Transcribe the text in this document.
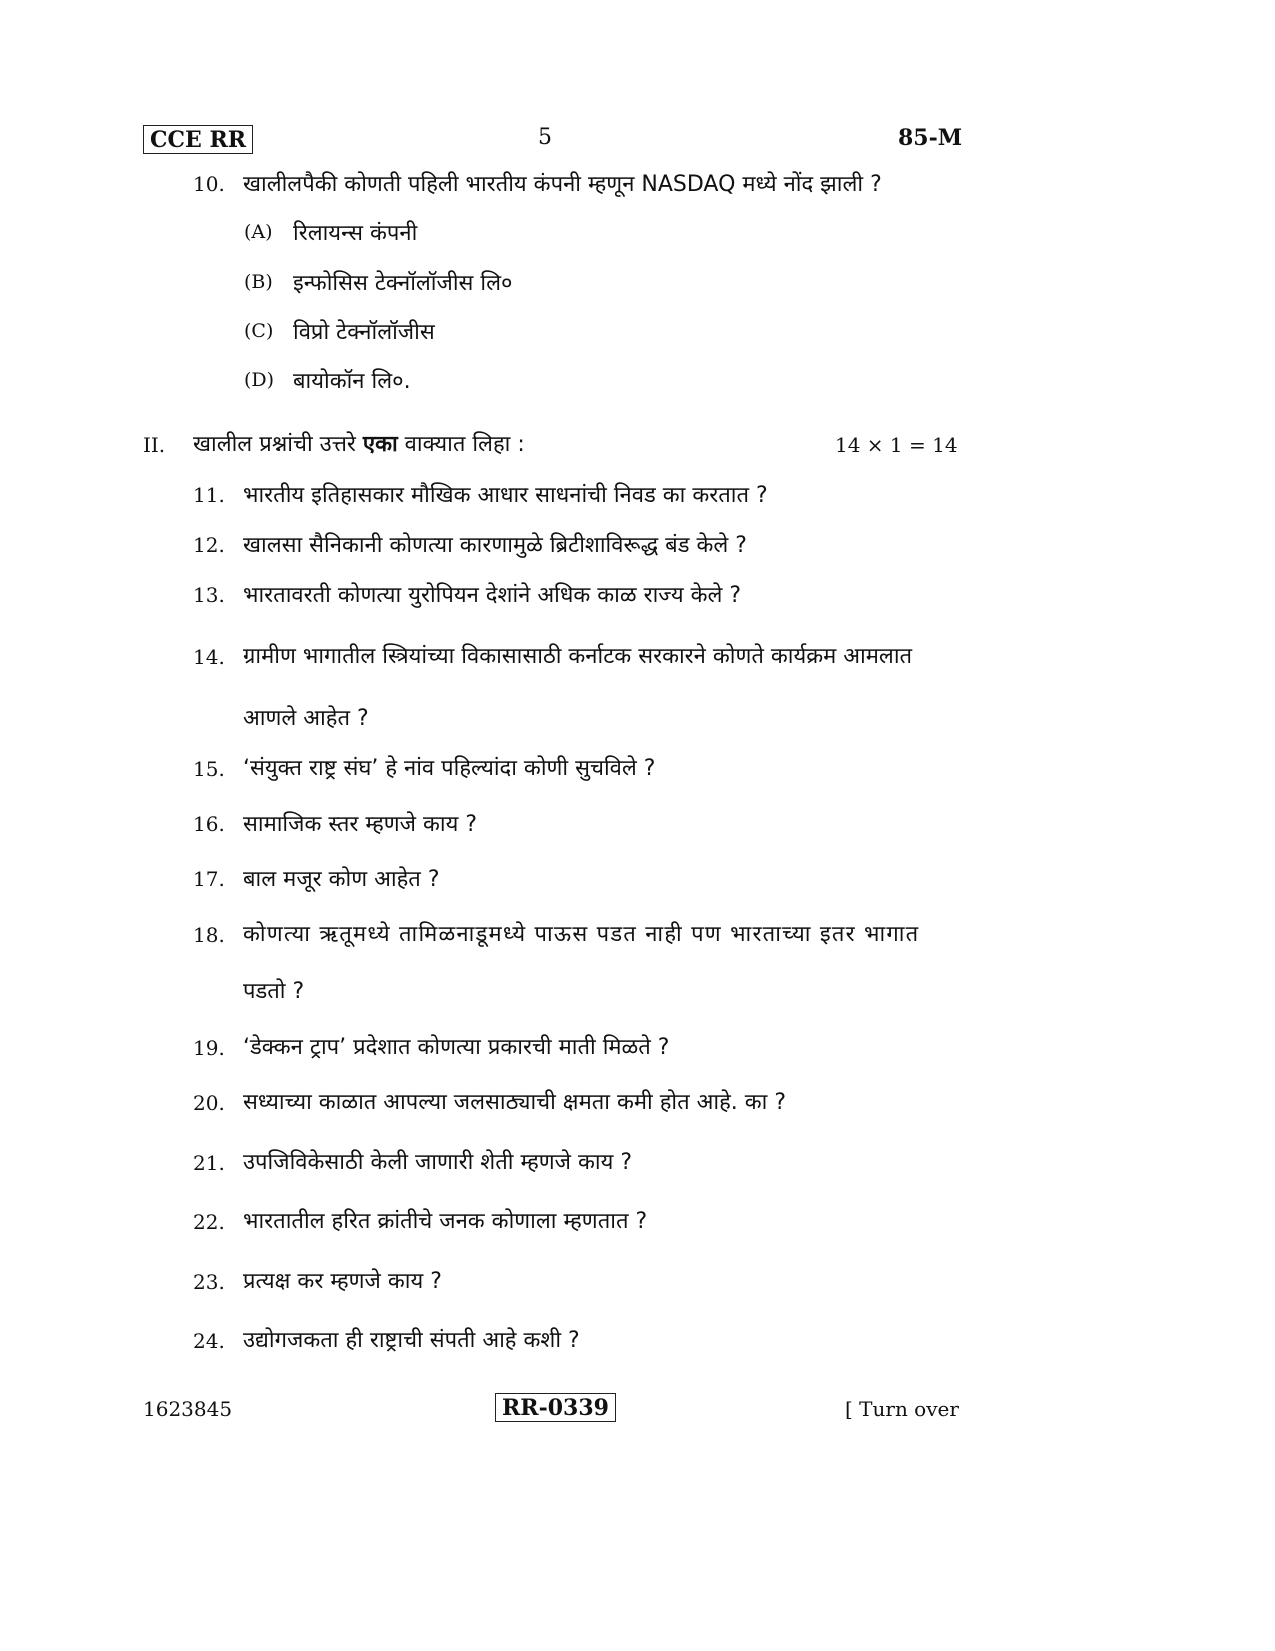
CCE RR	5	85-M
10. खालीलपैकी कोणती पहिली भारतीय कंपनी म्हणून NASDAQ मध्ये नोंद झाली ?
(A) रिलायन्स कंपनी
(B) इन्फोसिस टेक्नॉलॉजीस लि०
(C) विप्रो टेक्नॉलॉजीस
(D) बायोकॉन लि०.
II. खालील प्रश्नांची उत्तरे एका वाक्यात लिहा :	14 × 1 = 14
11. भारतीय इतिहासकार मौखिक आधार साधनांची निवड का करतात ?
12. खालसा सैनिकानी कोणत्या कारणामुळे ब्रिटीशाविरूद्ध बंड केले ?
13. भारतावरती कोणत्या युरोपियन देशांने अधिक काळ राज्य केले ?
14. ग्रामीण भागातील स्त्रियांच्या विकासासाठी कर्नाटक सरकारने कोणते कार्यक्रम आमलात
आणले आहेत ?
15. ‘संयुक्त राष्ट्र संघ’ हे नांव पहिल्यांदा कोणी सुचविले ?
16. सामाजिक स्तर म्हणजे काय ?
17. बाल मजूर कोण आहेत ?
18. कोणत्या ऋतूमध्ये तामिळनाडूमध्ये पाऊस पडत नाही पण भारताच्या इतर भागात
पडतो ?
19. ‘डेक्कन ट्राप’ प्रदेशात कोणत्या प्रकारची माती मिळते ?
20. सध्याच्या काळात आपल्या जलसाठ्याची क्षमता कमी होत आहे. का ?
21. उपजिविकेसाठी केली जाणारी शेती म्हणजे काय ?
22. भारतातील हरित क्रांतीचे जनक कोणाला म्हणतात ?
23. प्रत्यक्ष कर म्हणजे काय ?
24. उद्योगजकता ही राष्ट्राची संपती आहे कशी ?
1623845	RR-0339	[ Turn over
